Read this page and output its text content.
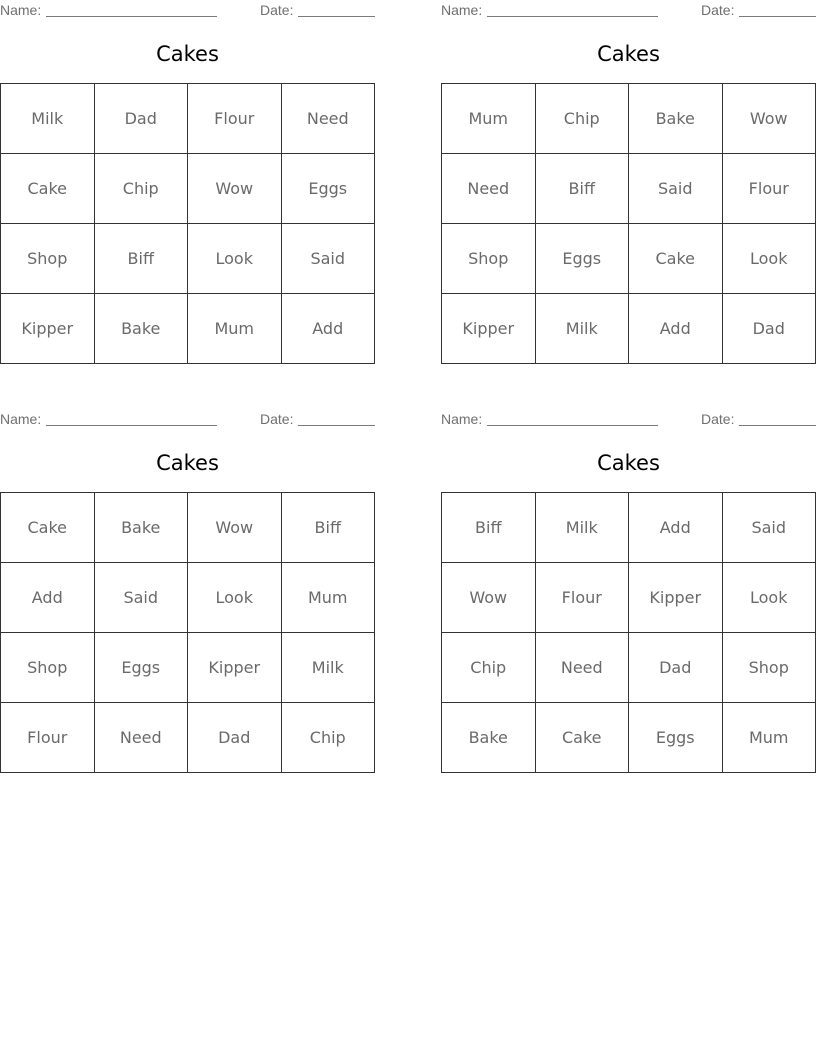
Name:	Date:
Cakes
Milk	Dad	Flour	Need
Cake	Chip	Wow	Eggs
Shop	Biff	Look	Said
Kipper	Bake	Mum	Add
Name:	Date:
Cakes
Mum	Chip	Bake	Wow
Need	Biff	Said	Flour
Shop	Eggs	Cake	Look
Kipper	Milk	Add	Dad
Name:	Date:
Cakes
Cake	Bake	Wow	Biff
Add	Said	Look	Mum
Shop	Eggs	Kipper	Milk
Flour	Need	Dad	Chip
Name:	Date:
Cakes
Biff	Milk	Add	Said
Wow	Flour	Kipper	Look
Chip	Need	Dad	Shop
Bake	Cake	Eggs	Mum
